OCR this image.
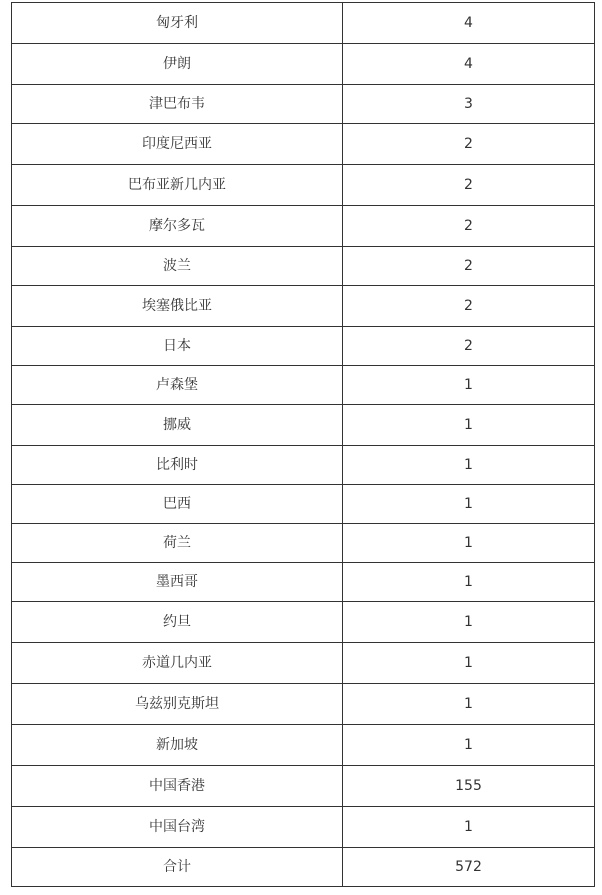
匈牙利	4
伊朗	4
津巴布韦	3
印度尼西亚	2
巴布亚新几内亚	2
摩尔多瓦	2
波兰	2
埃塞俄比亚	2
日本	2
卢森堡	1
挪威	1
比利时	1
巴西	1
荷兰	1
墨西哥	1
约旦	1
赤道几内亚	1
乌兹别克斯坦	1
新加坡	1
中国香港	155
中国台湾	1
合计	572
